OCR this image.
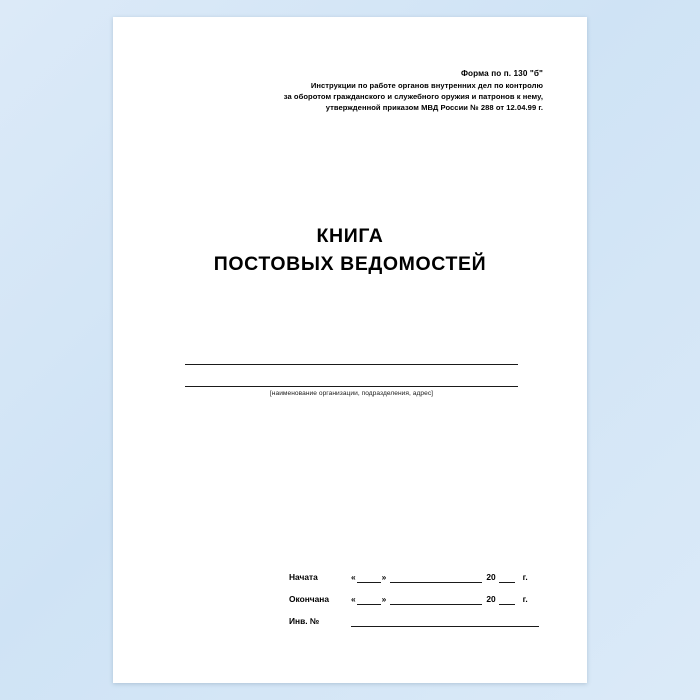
Форма по п. 130 "б"
Инструкции по работе органов внутренних дел по контролю
за оборотом гражданского и служебного оружия и патронов к нему,
утвержденной приказом МВД России № 288 от 12.04.99 г.
КНИГА
ПОСТОВЫХ ВЕДОМОСТЕЙ
[наименование организации, подразделения, адрес]
Начата	«	»	20	г.
Окончана	«	»	20	г.
Инв. №
